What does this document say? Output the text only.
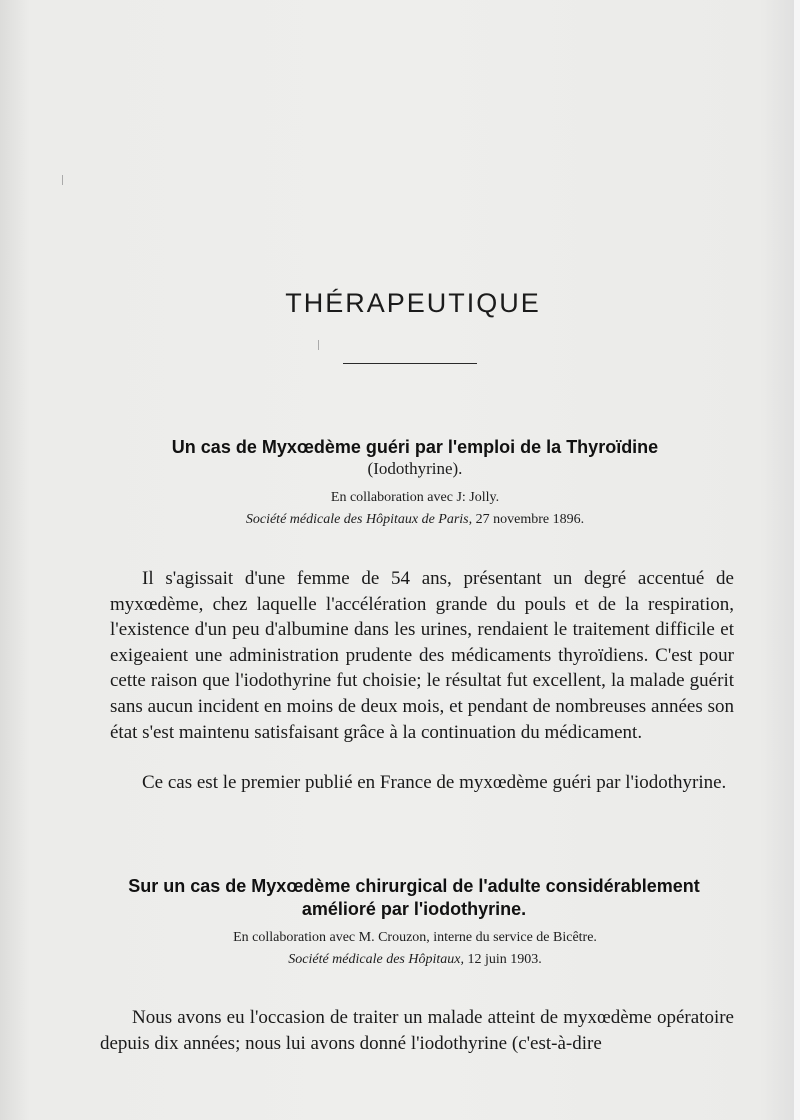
THÉRAPEUTIQUE
Un cas de Myxœdème guéri par l'emploi de la Thyroïdine
(Iodothyrine).
En collaboration avec J: Jolly.
Société médicale des Hôpitaux de Paris, 27 novembre 1896.
Il s'agissait d'une femme de 54 ans, présentant un degré accentué de myxœdème, chez laquelle l'accélération grande du pouls et de la respiration, l'existence d'un peu d'albumine dans les urines, rendaient le traitement difficile et exigeaient une administration prudente des médicaments thyroïdiens. C'est pour cette raison que l'iodothyrine fut choisie; le résultat fut excellent, la malade guérit sans aucun incident en moins de deux mois, et pendant de nombreuses années son état s'est maintenu satisfaisant grâce à la continuation du médicament.
Ce cas est le premier publié en France de myxœdème guéri par l'iodothyrine.
Sur un cas de Myxœdème chirurgical de l'adulte considérablement amélioré par l'iodothyrine.
En collaboration avec M. Crouzon, interne du service de Bicêtre.
Société médicale des Hôpitaux, 12 juin 1903.
Nous avons eu l'occasion de traiter un malade atteint de myxœdème opératoire depuis dix années; nous lui avons donné l'iodothyrine (c'est-à-dire
